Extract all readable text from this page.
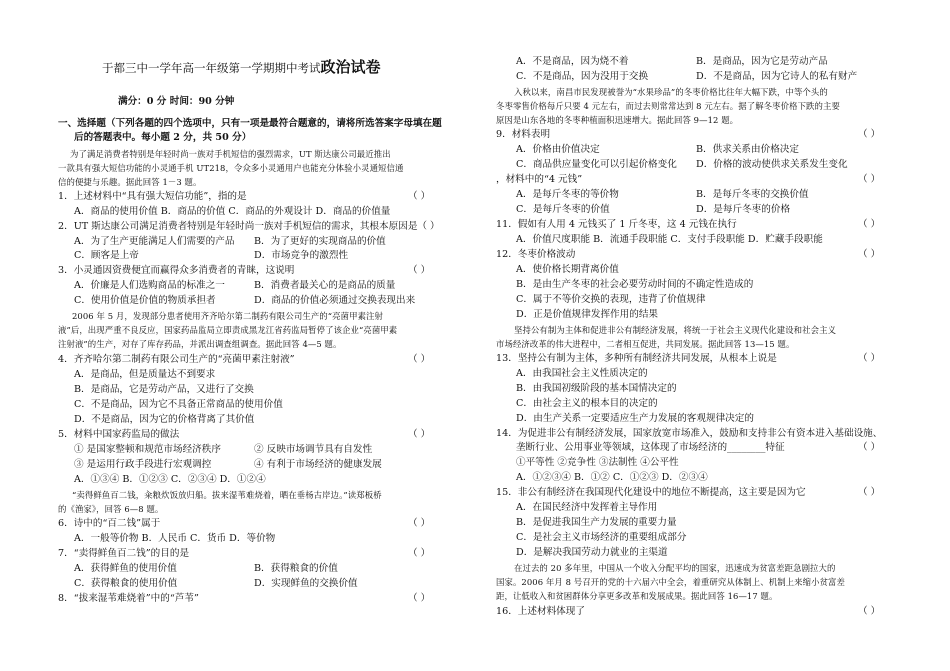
于都三中一学年高一年级第一学期期中考试政治试卷
满分：0 分 时间：90 分钟
一、选择题（下列各题的四个选项中，只有一项是最符合题意的，请将所选答案字母填在题
后的答题表中。每小题 2 分，共 50 分）
为了满足消费者特别是年轻时尚一族对手机短信的强烈需求，UT 斯达康公司最近推出
一款具有强大短信功能的小灵通手机 UT218，令众多小灵通用户也能充分体验小灵通短信通
信的便捷与乐趣。据此回答 1－3 题。
1．上述材料中“具有强大短信功能”，指的是	（ ）
A．商品的使用价值 B．商品的价值 C．商品的外观设计 D．商品的价值量
2．UT 斯达康公司满足消费者特别是年轻时尚一族对手机短信的需求，其根本原因是（ ）
A．为了生产更能满足人们需要的产品 B．为了更好的实现商品的价值
C．顾客是上帝	D．市场竞争的激烈性
3．小灵通因资费便宜而赢得众多消费者的青睐，这说明	（ ）
A．价廉是人们选购商品的标准之一	B．消费者最关心的是商品的质量
C．使用价值是价值的物质承担者	D．商品的价值必须通过交换表现出来
2006 年 5 月，发现部分患者使用齐齐哈尔第二制药有限公司生产的“亮菌甲素注射
液”后，出现严重不良反应，国家药品监局立即责成黑龙江省药监局暂停了该企业“亮菌甲素
注射液”的生产，对存了库存药品，并派出调查组调查。据此回答 4—5 题。
4．齐齐哈尔第二制药有限公司生产的“亮菌甲素注射液”	（ ）
A．是商品，但是质量达不到要求
B．是商品，它是劳动产品，又进行了交换
C．不是商品，因为它不具备正常商品的使用价值
D．不是商品，因为它的价格背离了其价值
5．材料中国家药监局的做法	（ ）
① 是国家整顿和规范市场经济秩序	② 反映市场调节具有自发性
③ 是运用行政手段进行宏观调控	④ 有利于市场经济的健康发展
A．①③④ B．①②③ C．②③④ D．①②④
“卖得鲜鱼百二钱，籴粮炊饭放归船。拔来湿苇难烧着，晒在垂杨古岸边。”读郑板桥
的《渔家》，回答 6—8 题。
6．诗中的“百二钱”属于	（ ）
A．一般等价物 B．人民币 C．货币 D．等价物
7．“卖得鲜鱼百二钱”的目的是	（ ）
A．获得鲜鱼的使用价值	B．获得粮食的价值
C．获得粮食的使用价值	D．实现鲜鱼的交换价值
8．“拔来湿苇难烧着”中的“芦苇”	（ ）
A．不是商品，因为烧不着	B．是商品，因为它是劳动产品
C．不是商品，因为没用于交换	D．不是商品，因为它诗人的私有财产
入秋以来，南昌市民发现被誉为“水果珍品”的冬枣价格比往年大幅下跌，中等个头的
冬枣零售价格每斤只要 4 元左右，而过去则常常达到 8 元左右。据了解冬枣价格下跌的主要
原因是山东各地的冬枣种植面积迅速增大。据此回答 9—12 题。
9．材料表明	（ ）
A．价格由价值决定	B．供求关系由价格决定
C．商品供应量变化可以引起价格变化 D．价格的波动使供求关系发生变化
，材料中的“4 元钱”	（ ）
A．是每斤冬枣的等价物	B．是每斤冬枣的交换价值
C．是每斤冬枣的价值	D．是每斤冬枣的价格
11．假如有人用 4 元钱买了 1 斤冬枣，这 4 元钱在执行	（ ）
A．价值尺度职能 B．流通手段职能 C．支付手段职能 D．贮藏手段职能
12．冬枣价格波动	（ ）
A．使价格长期背离价值
B．是由生产冬枣的社会必要劳动时间的不确定性造成的
C．属于不等价交换的表现，违背了价值规律
D．正是价值规律发挥作用的结果
坚持公有制为主体和促进非公有制经济发展，将统一于社会主义现代化建设和社会主义
市场经济改革的伟大进程中，二者相互促进，共同发展。据此回答 13—15 题。
13．坚持公有制为主体，多种所有制经济共同发展，从根本上说是	（ ）
A．由我国社会主义性质决定的
B．由我国初级阶段的基本国情决定的
C．由社会主义的根本目的决定的
D．由生产关系一定要适应生产力发展的客观规律决定的
14．为促进非公有制经济发展，国家放宽市场准入，鼓励和支持非公有资本进入基础设施、
垄断行业、公用事业等领域，这体现了市场经济的________特征	（ ）
①平等性 ②竞争性 ③法制性 ④公平性
A．①②③④ B．①② C．①②③ D．②③④
15．非公有制经济在我国现代化建设中的地位不断提高，这主要是因为它	（ ）
A．在国民经济中发挥着主导作用
B．是促进我国生产力发展的重要力量
C．是社会主义市场经济的重要组成部分
D．是解决我国劳动力就业的主渠道
在过去的 20 多年里，中国从一个收入分配平均的国家，迅速成为贫富差距急剧拉大的
国家。2006 年月 8 号召开的党的十六届六中全会，着重研究从体制上、机制上来缩小贫富差
距，让低收入和贫困群体分享更多改革和发展成果。据此回答 16—17 题。
16．上述材料体现了	（ ）
